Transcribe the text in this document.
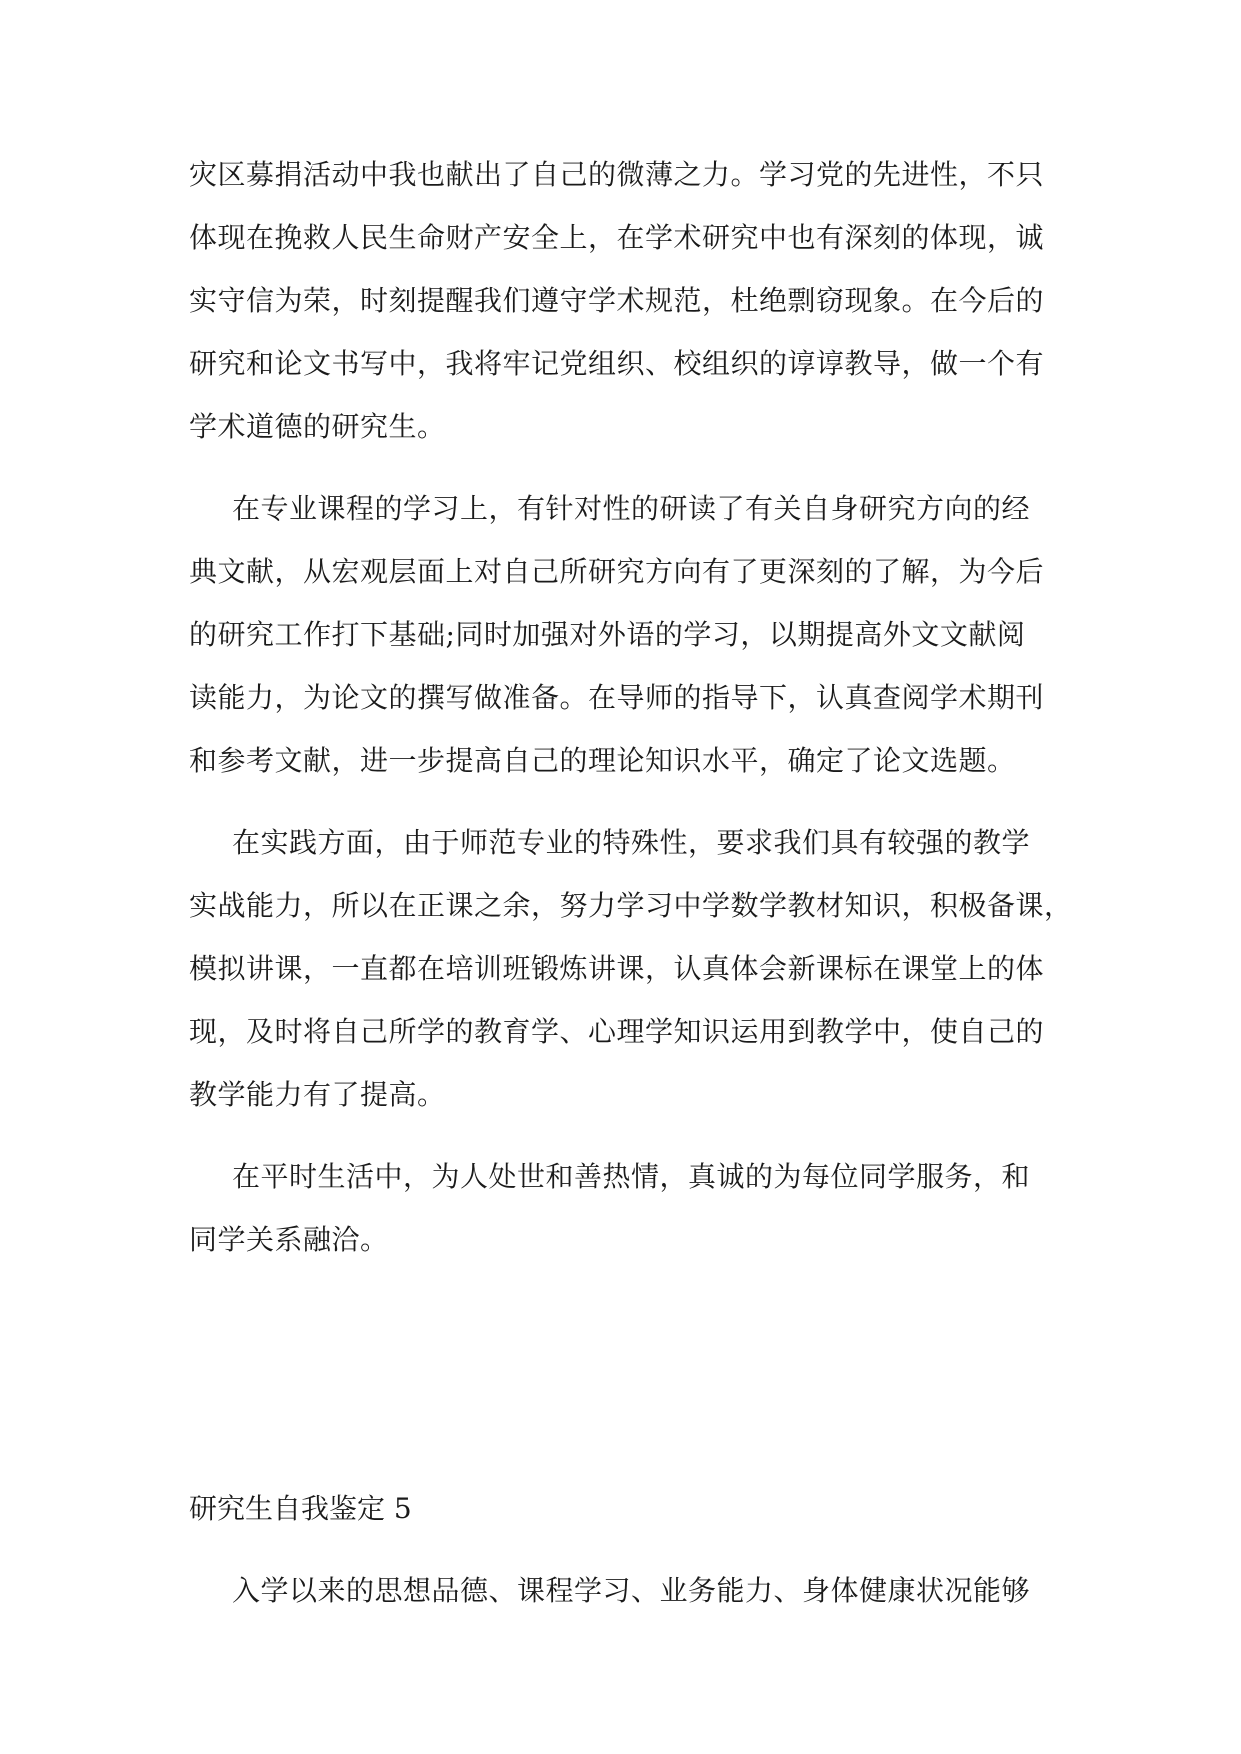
灾区募捐活动中我也献出了自己的微薄之力。学习党的先进性，不只
体现在挽救人民生命财产安全上，在学术研究中也有深刻的体现，诚
实守信为荣，时刻提醒我们遵守学术规范，杜绝剽窃现象。在今后的
研究和论文书写中，我将牢记党组织、校组织的谆谆教导，做一个有
学术道德的研究生。
在专业课程的学习上，有针对性的研读了有关自身研究方向的经
典文献，从宏观层面上对自己所研究方向有了更深刻的了解，为今后
的研究工作打下基础;同时加强对外语的学习，以期提高外文文献阅
读能力，为论文的撰写做准备。在导师的指导下，认真查阅学术期刊
和参考文献，进一步提高自己的理论知识水平，确定了论文选题。
在实践方面，由于师范专业的特殊性，要求我们具有较强的教学
实战能力，所以在正课之余，努力学习中学数学教材知识，积极备课，
模拟讲课，一直都在培训班锻炼讲课，认真体会新课标在课堂上的体
现，及时将自己所学的教育学、心理学知识运用到教学中，使自己的
教学能力有了提高。
在平时生活中，为人处世和善热情，真诚的为每位同学服务，和
同学关系融洽。
研究生自我鉴定 5
入学以来的思想品德、课程学习、业务能力、身体健康状况能够
